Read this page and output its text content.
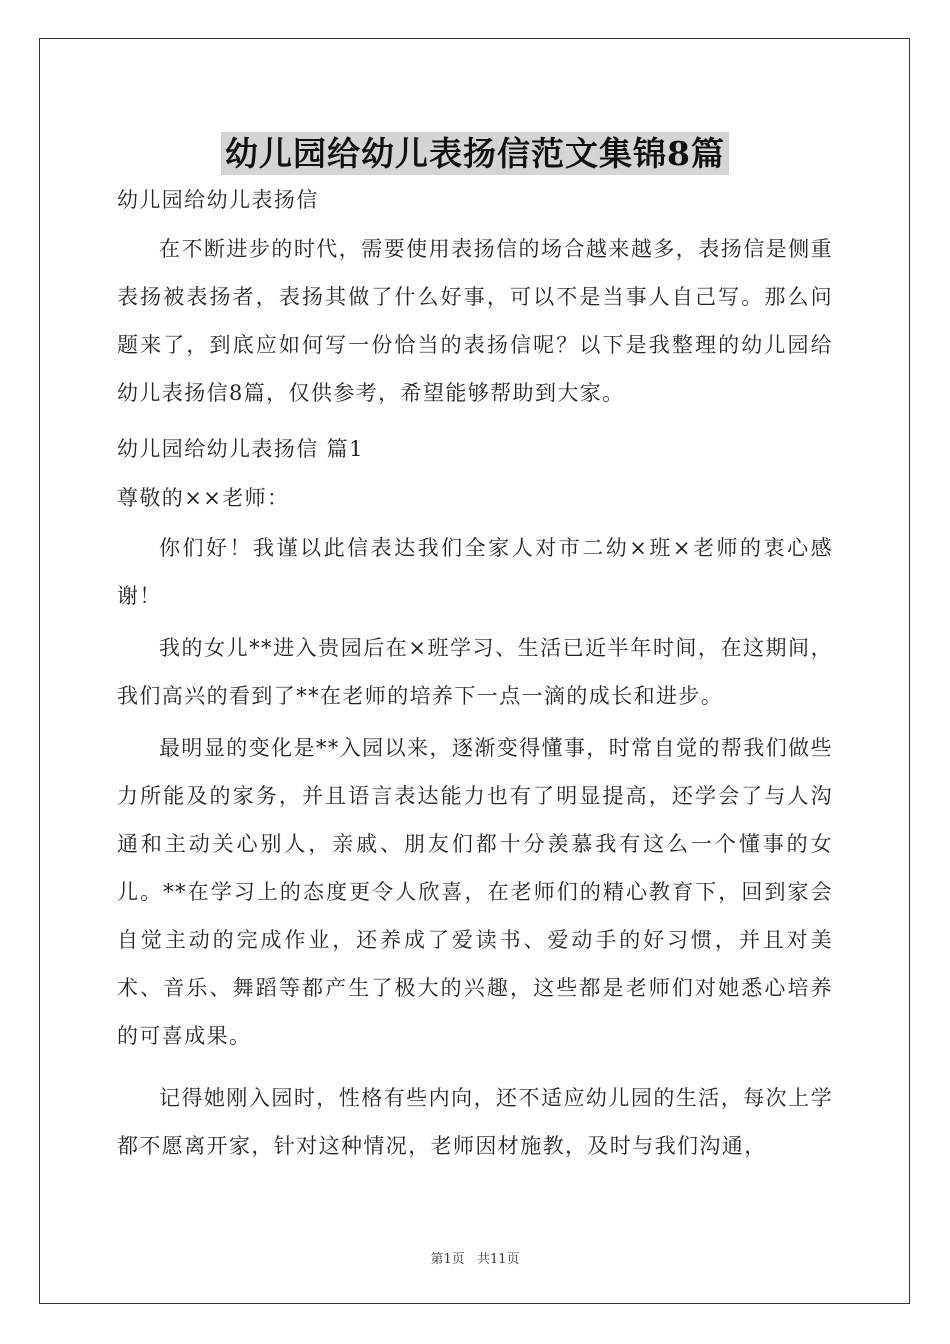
幼儿园给幼儿表扬信范文集锦8篇

幼儿园给幼儿表扬信

在不断进步的时代，需要使用表扬信的场合越来越多，表扬信是侧重表扬被表扬者，表扬其做了什么好事，可以不是当事人自己写。那么问题来了，到底应如何写一份恰当的表扬信呢？以下是我整理的幼儿园给幼儿表扬信8篇，仅供参考，希望能够帮助到大家。

幼儿园给幼儿表扬信 篇1

尊敬的××老师：

你们好！我谨以此信表达我们全家人对市二幼×班×老师的衷心感谢！

我的女儿**进入贵园后在×班学习、生活已近半年时间，在这期间，我们高兴的看到了**在老师的培养下一点一滴的成长和进步。

最明显的变化是**入园以来，逐渐变得懂事，时常自觉的帮我们做些力所能及的家务，并且语言表达能力也有了明显提高，还学会了与人沟通和主动关心别人，亲戚、朋友们都十分羡慕我有这么一个懂事的女儿。**在学习上的态度更令人欣喜，在老师们的精心教育下，回到家会自觉主动的完成作业，还养成了爱读书、爱动手的好习惯，并且对美术、音乐、舞蹈等都产生了极大的兴趣，这些都是老师们对她悉心培养的可喜成果。

记得她刚入园时，性格有些内向，还不适应幼儿园的生活，每次上学都不愿离开家，针对这种情况，老师因材施教，及时与我们沟通，

第1页 共11页
